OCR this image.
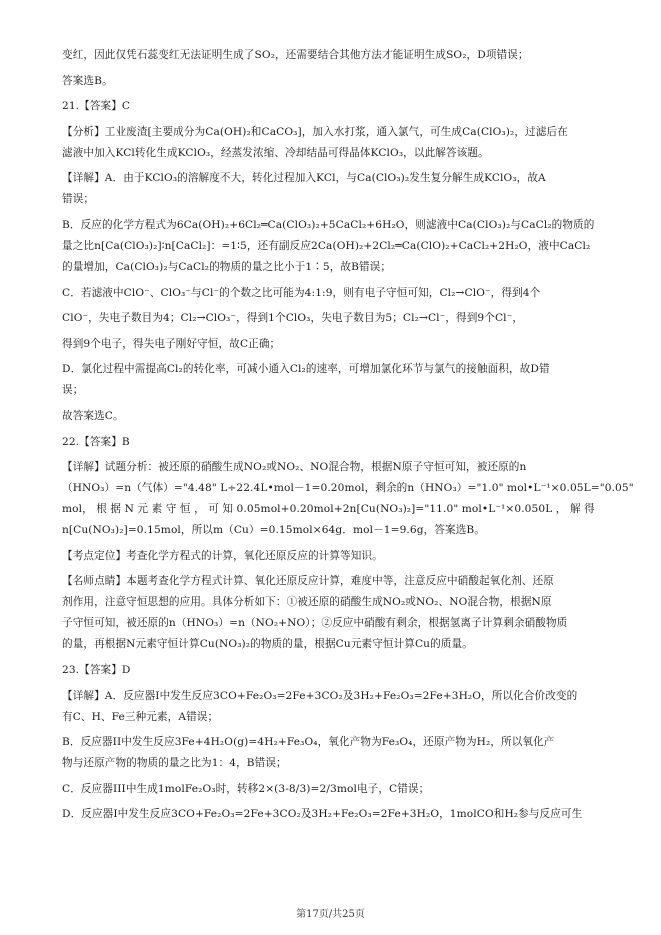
变红，因此仅凭石蕊变红无法证明生成了SO₂，还需要结合其他方法才能证明生成SO₂，D项错误；
答案选B。
21.【答案】C
【分析】工业废渣[主要成分为Ca(OH)₂和CaCO₃]，加入水打浆，通入氯气，可生成Ca(ClO₃)₂，过滤后在
滤液中加入KCl转化生成KClO₃，经蒸发浓缩、冷却结晶可得晶体KClO₃，以此解答该题。
【详解】A．由于KClO₃的溶解度不大，转化过程加入KCl，与Ca(ClO₃)₂发生复分解生成KClO₃，故A
错误；
B．反应的化学方程式为6Ca(OH)₂+6Cl₂═Ca(ClO₃)₂+5CaCl₂+6H₂O，则滤液中Ca(ClO₃)₂与CaCl₂的物质的
量之比n[Ca(ClO₃)₂]∶n[CaCl₂]：=1∶5，还有副反应2Ca(OH)₂+2Cl₂═Ca(ClO)₂+CaCl₂+2H₂O，液中CaCl₂
的量增加，Ca(ClO₃)₂与CaCl₂的物质的量之比小于1∶5，故B错误；
C．若滤液中ClO⁻、ClO₃⁻与Cl⁻的个数之比可能为4:1:9，则有电子守恒可知，Cl₂→ClO⁻，得到4个
ClO⁻，失电子数目为4；Cl₂→ClO₃⁻，得到1个ClO₃，失电子数目为5；Cl₂→Cl⁻，得到9个Cl⁻，
得到9个电子，得失电子刚好守恒，故C正确；
D．氯化过程中需提高Cl₂的转化率，可减小通入Cl₂的速率，可增加氯化环节与氯气的接触面积，故D错
误；
故答案选C。
22.【答案】B
【详解】试题分析：被还原的硝酸生成NO₂或NO₂、NO混合物，根据N原子守恒可知，被还原的n
（HNO₃）=n（气体）="4.48" L÷22.4L•mol－1=0.20mol，剩余的n（HNO₃）="1.0" mol•L⁻¹×0.05L="0.05"
mol， 根 据 N 元 素 守 恒 ， 可 知 0.05mol+0.20mol+2n[Cu(NO₃)₂]="11.0" mol•L⁻¹×0.050L ， 解 得
n[Cu(NO₃)₂]=0.15mol，所以m（Cu）=0.15mol×64g．mol－1=9.6g，答案选B。
【考点定位】考查化学方程式的计算，氧化还原反应的计算等知识。
【名师点睛】本题考查化学方程式计算、氧化还原反应计算，难度中等，注意反应中硝酸起氧化剂、还原
剂作用，注意守恒思想的应用。具体分析如下：①被还原的硝酸生成NO₂或NO₂、NO混合物，根据N原
子守恒可知，被还原的n（HNO₃）=n（NO₂+NO）；②反应中硝酸有剩余，根据氢离子计算剩余硝酸物质
的量，再根据N元素守恒计算Cu(NO₃)₂的物质的量，根据Cu元素守恒计算Cu的质量。
23.【答案】D
【详解】A．反应器I中发生反应3CO+Fe₂O₃=2Fe+3CO₂及3H₂+Fe₂O₃=2Fe+3H₂O，所以化合价改变的
有C、H、Fe三种元素，A错误；
B．反应器II中发生反应3Fe+4H₂O(g)=4H₂+Fe₃O₄，氧化产物为Fe₃O₄，还原产物为H₂，所以氧化产
物与还原产物的物质的量之比为1：4，B错误；
C．反应器III中生成1molFe₂O₃时，转移2×(3-8/3)=2/3mol电子，C错误；
D．反应器I中发生反应3CO+Fe₂O₃=2Fe+3CO₂及3H₂+Fe₂O₃=2Fe+3H₂O，1molCO和H₂参与反应可生
第17页/共25页
